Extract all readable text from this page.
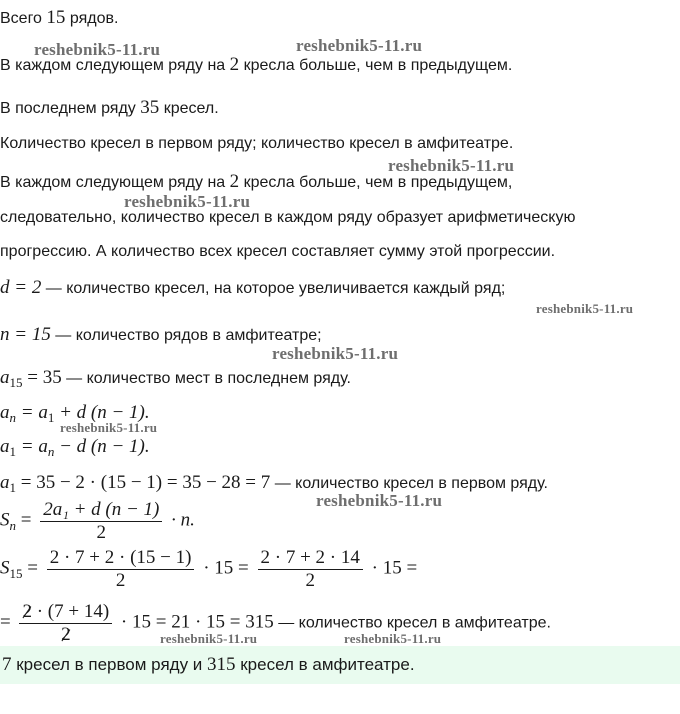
Всего 15 рядов.
В каждом следующем ряду на 2 кресла больше, чем в предыдущем.
В последнем ряду 35 кресел.
Количество кресел в первом ряду; количество кресел в амфитеатре.
В каждом следующем ряду на 2 кресла больше, чем в предыдущем,
следовательно, количество кресел в каждом ряду образует арифметическую
прогрессию. А количество всех кресел составляет сумму этой прогрессии.
d = 2 — количество кресел, на которое увеличивается каждый ряд;
n = 15 — количество рядов в амфитеатре;
$a_{15} = 35$ — количество мест в последнем ряду.
$a_n = a_1 + d$ (n − 1).
$a_1 = a_n - d$ (n − 1).
$a_1 = 35 - 2 \cdot (15 - 1) = 35 - 28 = 7$ — количество кресел в первом ряду.
$S_n = \frac{\text{2a₁ + d (n − 1)}}{2} \cdot n$.
$S_{15} = \frac{2 \cdot 7 + 2 \cdot (15 - 1)}{2} \cdot 15 = \frac{2 \cdot 7 + 2 \cdot 14}{2} \cdot 15$ =
= $\frac{2 \cdot (7 + 14)}{2} \cdot 15 = 21 \cdot 15 = 315$ — количество кресел в амфитеатре.
7 кресел в первом ряду и 315 кресел в амфитеатре.
reshebnik5-11.ru	reshebnik5-11.ru
reshebnik5-11.ru
reshebnik5-11.ru
reshebnik5-11.ru
reshebnik5-11.ru
reshebnik5-11.ru
reshebnik5-11.ru
reshebnik5-11.ru	reshebnik5-11.ru
